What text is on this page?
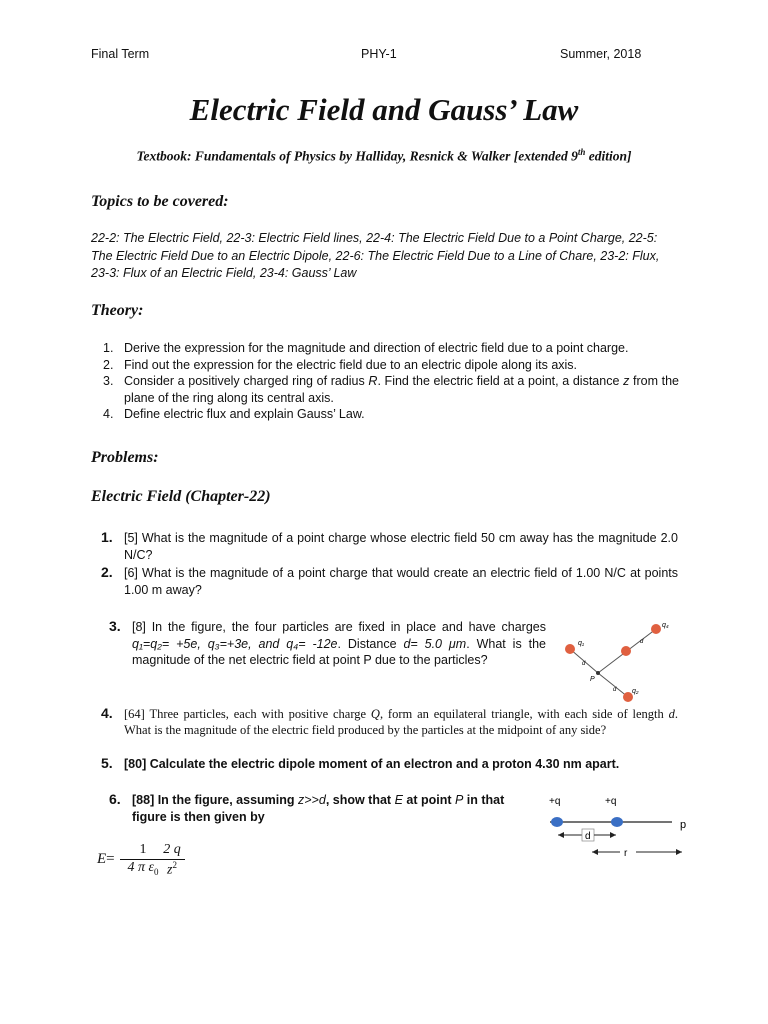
Final Term	PHY-1	Summer, 2018
Electric Field and Gauss’ Law
Textbook: Fundamentals of Physics by Halliday, Resnick & Walker [extended 9th edition]
Topics to be covered:
22-2: The Electric Field, 22-3: Electric Field lines, 22-4: The Electric Field Due to a Point Charge, 22-5: The Electric Field Due to an Electric Dipole, 22-6: The Electric Field Due to a Line of Chare, 23-2: Flux, 23-3: Flux of an Electric Field, 23-4: Gauss’ Law
Theory:
1. Derive the expression for the magnitude and direction of electric field due to a point charge.
2. Find out the expression for the electric field due to an electric dipole along its axis.
3. Consider a positively charged ring of radius R. Find the electric field at a point, a distance z from the plane of the ring along its central axis.
4. Define electric flux and explain Gauss’ Law.
Problems:
Electric Field (Chapter-22)
1. [5] What is the magnitude of a point charge whose electric field 50 cm away has the magnitude 2.0 N/C?
2. [6] What is the magnitude of a point charge that would create an electric field of 1.00 N/C at points 1.00 m away?
3. [8] In the figure, the four particles are fixed in place and have charges q₁=q₂= +5e, q₃=+3e, and q₄= -12e. Distance d= 5.0 μm. What is the magnitude of the net electric field at point P due to the particles?
q₁
q₂
q₄
P
d
d
d
4. [64] Three particles, each with positive charge Q, form an equilateral triangle, with each side of length d. What is the magnitude of the electric field produced by the particles at the midpoint of any side?
5. [80] Calculate the electric dipole moment of an electron and a proton 4.30 nm apart.
6. [88] In the figure, assuming z>>d, show that E at point P in that figure is then given by
+q	+q
p
d
r
$E= \frac{1}{4 \pi \varepsilon_0}$
$\frac{2 q}{z^2}$
